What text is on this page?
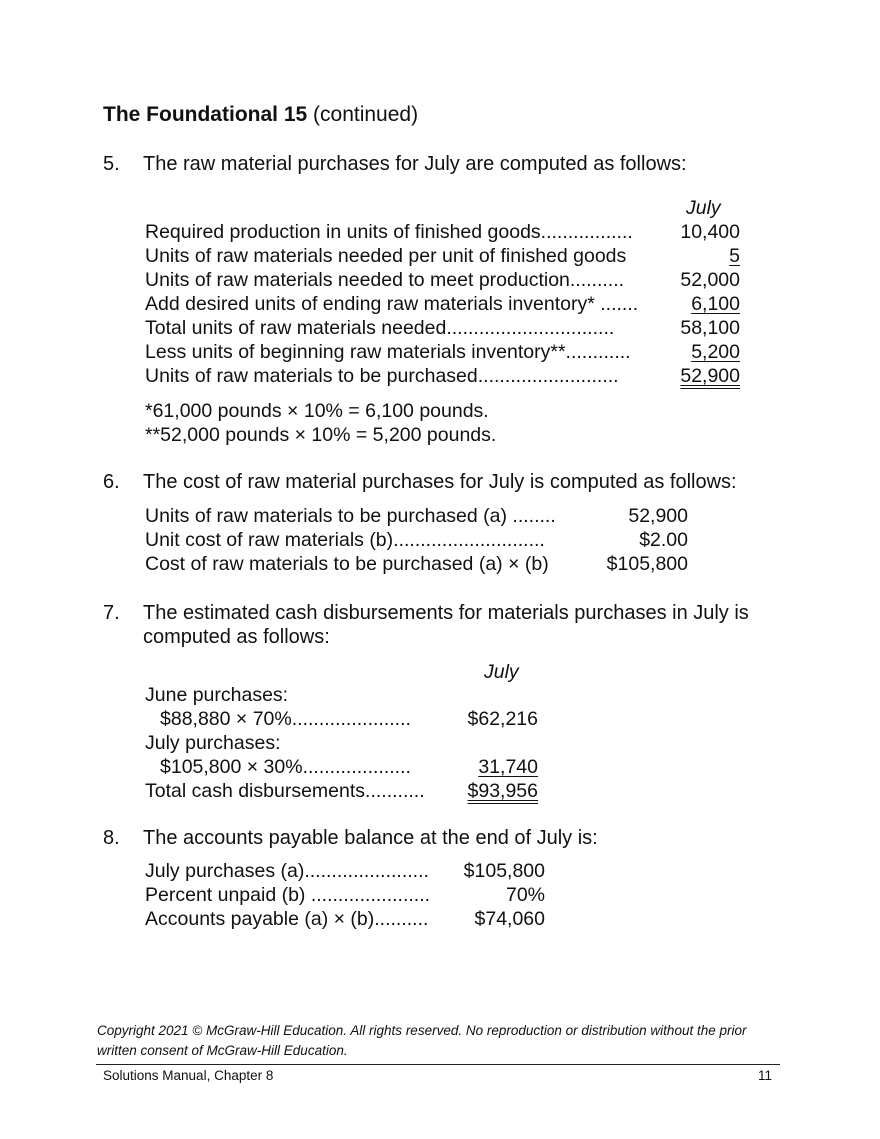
The Foundational 15 (continued)
5. The raw material purchases for July are computed as follows:
July
Required production in units of finished goods................. 10,400
Units of raw materials needed per unit of finished goods	5
Units of raw materials needed to meet production..........	52,000
Add desired units of ending raw materials inventory* .......	6,100
Total units of raw materials needed...............................	58,100
Less units of beginning raw materials inventory**............	5,200
Units of raw materials to be purchased..........................	52,900
*61,000 pounds × 10% = 6,100 pounds.
**52,000 pounds × 10% = 5,200 pounds.
6. The cost of raw material purchases for July is computed as follows:
Units of raw materials to be purchased (a) ........	52,900
Unit cost of raw materials (b)............................	$2.00
Cost of raw materials to be purchased (a) × (b)	$105,800
7. The estimated cash disbursements for materials purchases in July is
computed as follows:
July
June purchases:
$88,880 × 70%......................	$62,216
July purchases:
$105,800 × 30%....................	31,740
Total cash disbursements........... $93,956
8. The accounts payable balance at the end of July is:
July purchases (a)....................... $105,800
Percent unpaid (b) ......................	70%
Accounts payable (a) × (b).......... $74,060
Copyright 2021 © McGraw-Hill Education. All rights reserved. No reproduction or distribution without the prior
written consent of McGraw-Hill Education.
Solutions Manual, Chapter 8	11
